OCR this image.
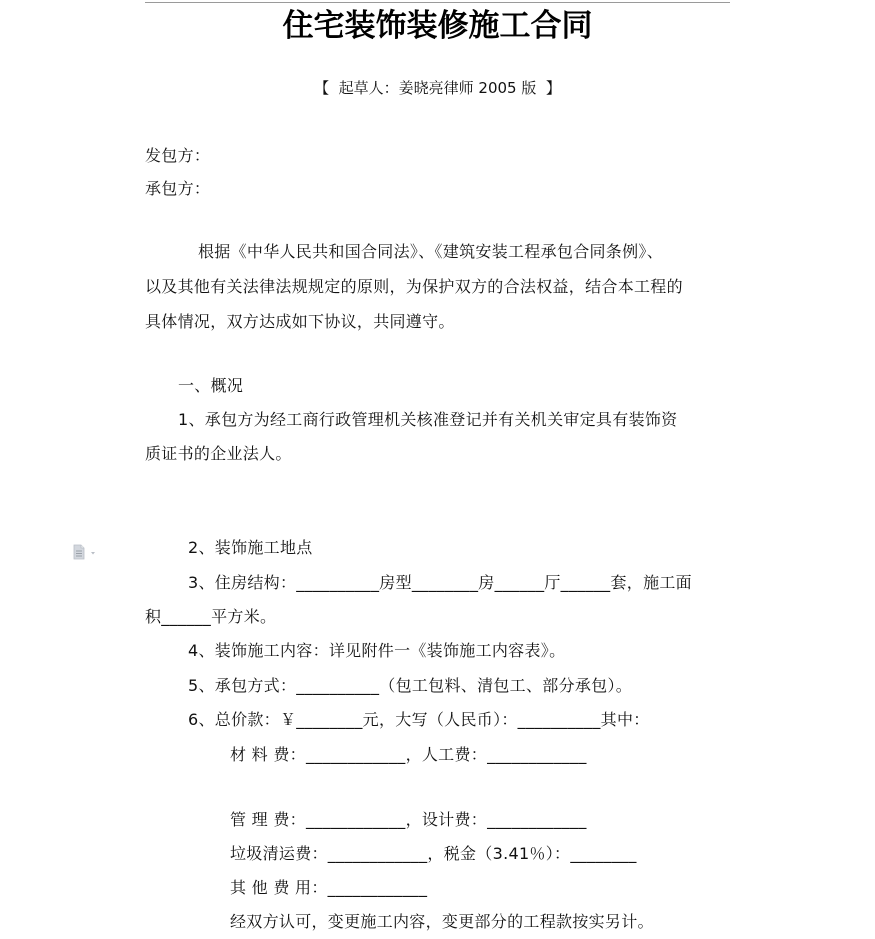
住宅装饰装修施工合同
【  起草人：姜晓亮律师 2005 版  】
发包方：
承包方：
根据《中华人民共和国合同法》、《建筑安装工程承包合同条例》、
以及其他有关法律法规规定的原则，为保护双方的合法权益，结合本工程的
具体情况，双方达成如下协议，共同遵守。
一、概况
1、承包方为经工商行政管理机关核准登记并有关机关审定具有装饰资
质证书的企业法人。
2、装饰施工地点
3、住房结构：__________房型________房______厅______套，施工面
积______平方米。
4、装饰施工内容：详见附件一《装饰施工内容表》。
5、承包方式：__________（包工包料、清包工、部分承包）。
6、总价款：￥________元，大写（人民币）：__________其中：
材 料 费：____________，人工费：____________
管 理 费：____________，设计费：____________
垃圾清运费：____________，税金（3.41％）：________
其 他 费 用：____________
经双方认可，变更施工内容，变更部分的工程款按实另计。
